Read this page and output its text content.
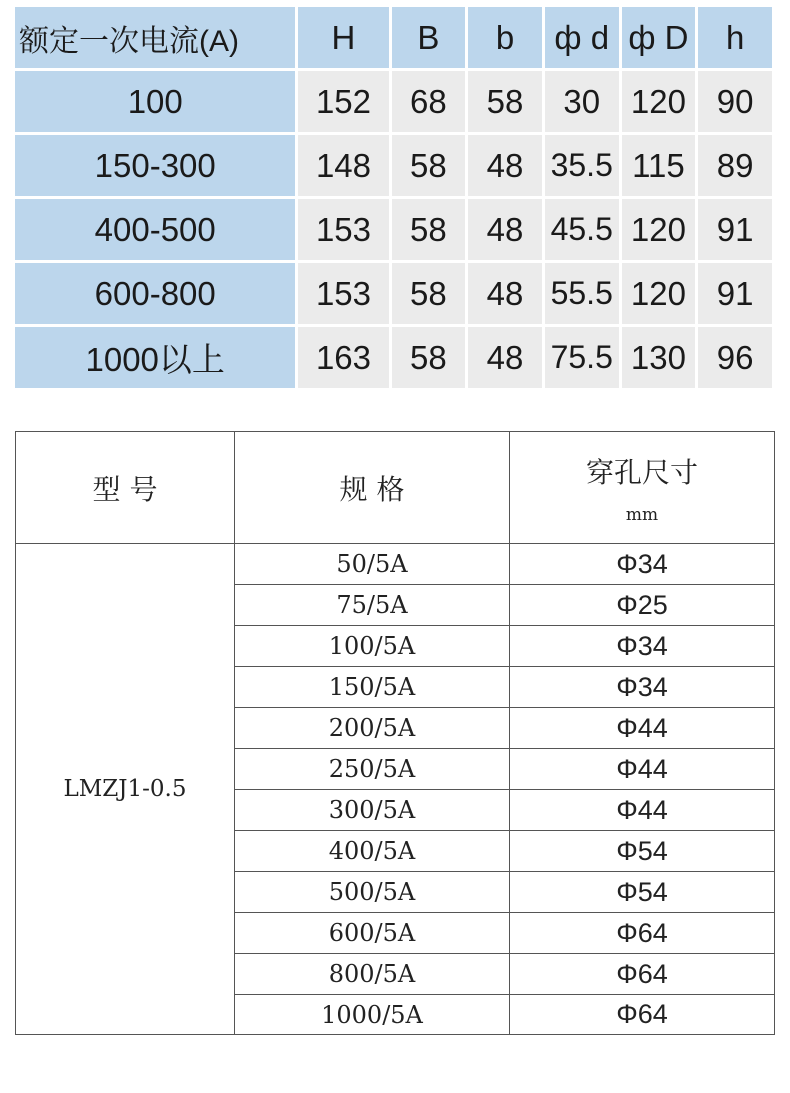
额定一次电流(A)	H	B	b	ф d	ф D	h
100	152	68	58	30	120	90
150-300	148	58	48	35.5	115	89
400-500	153	58	48	45.5	120	91
600-800	153	58	48	55.5	120	91
1000以上	163	58	48	75.5	130	96
型 号	规 格	穿孔尺寸
mm

LMZJ1-0.5	50/5A	Φ34
	75/5A	Φ25
	100/5A	Φ34
	150/5A	Φ34
	200/5A	Φ44
	250/5A	Φ44
	300/5A	Φ44
	400/5A	Φ54
	500/5A	Φ54
	600/5A	Φ64
	800/5A	Φ64
	1000/5A	Φ64
